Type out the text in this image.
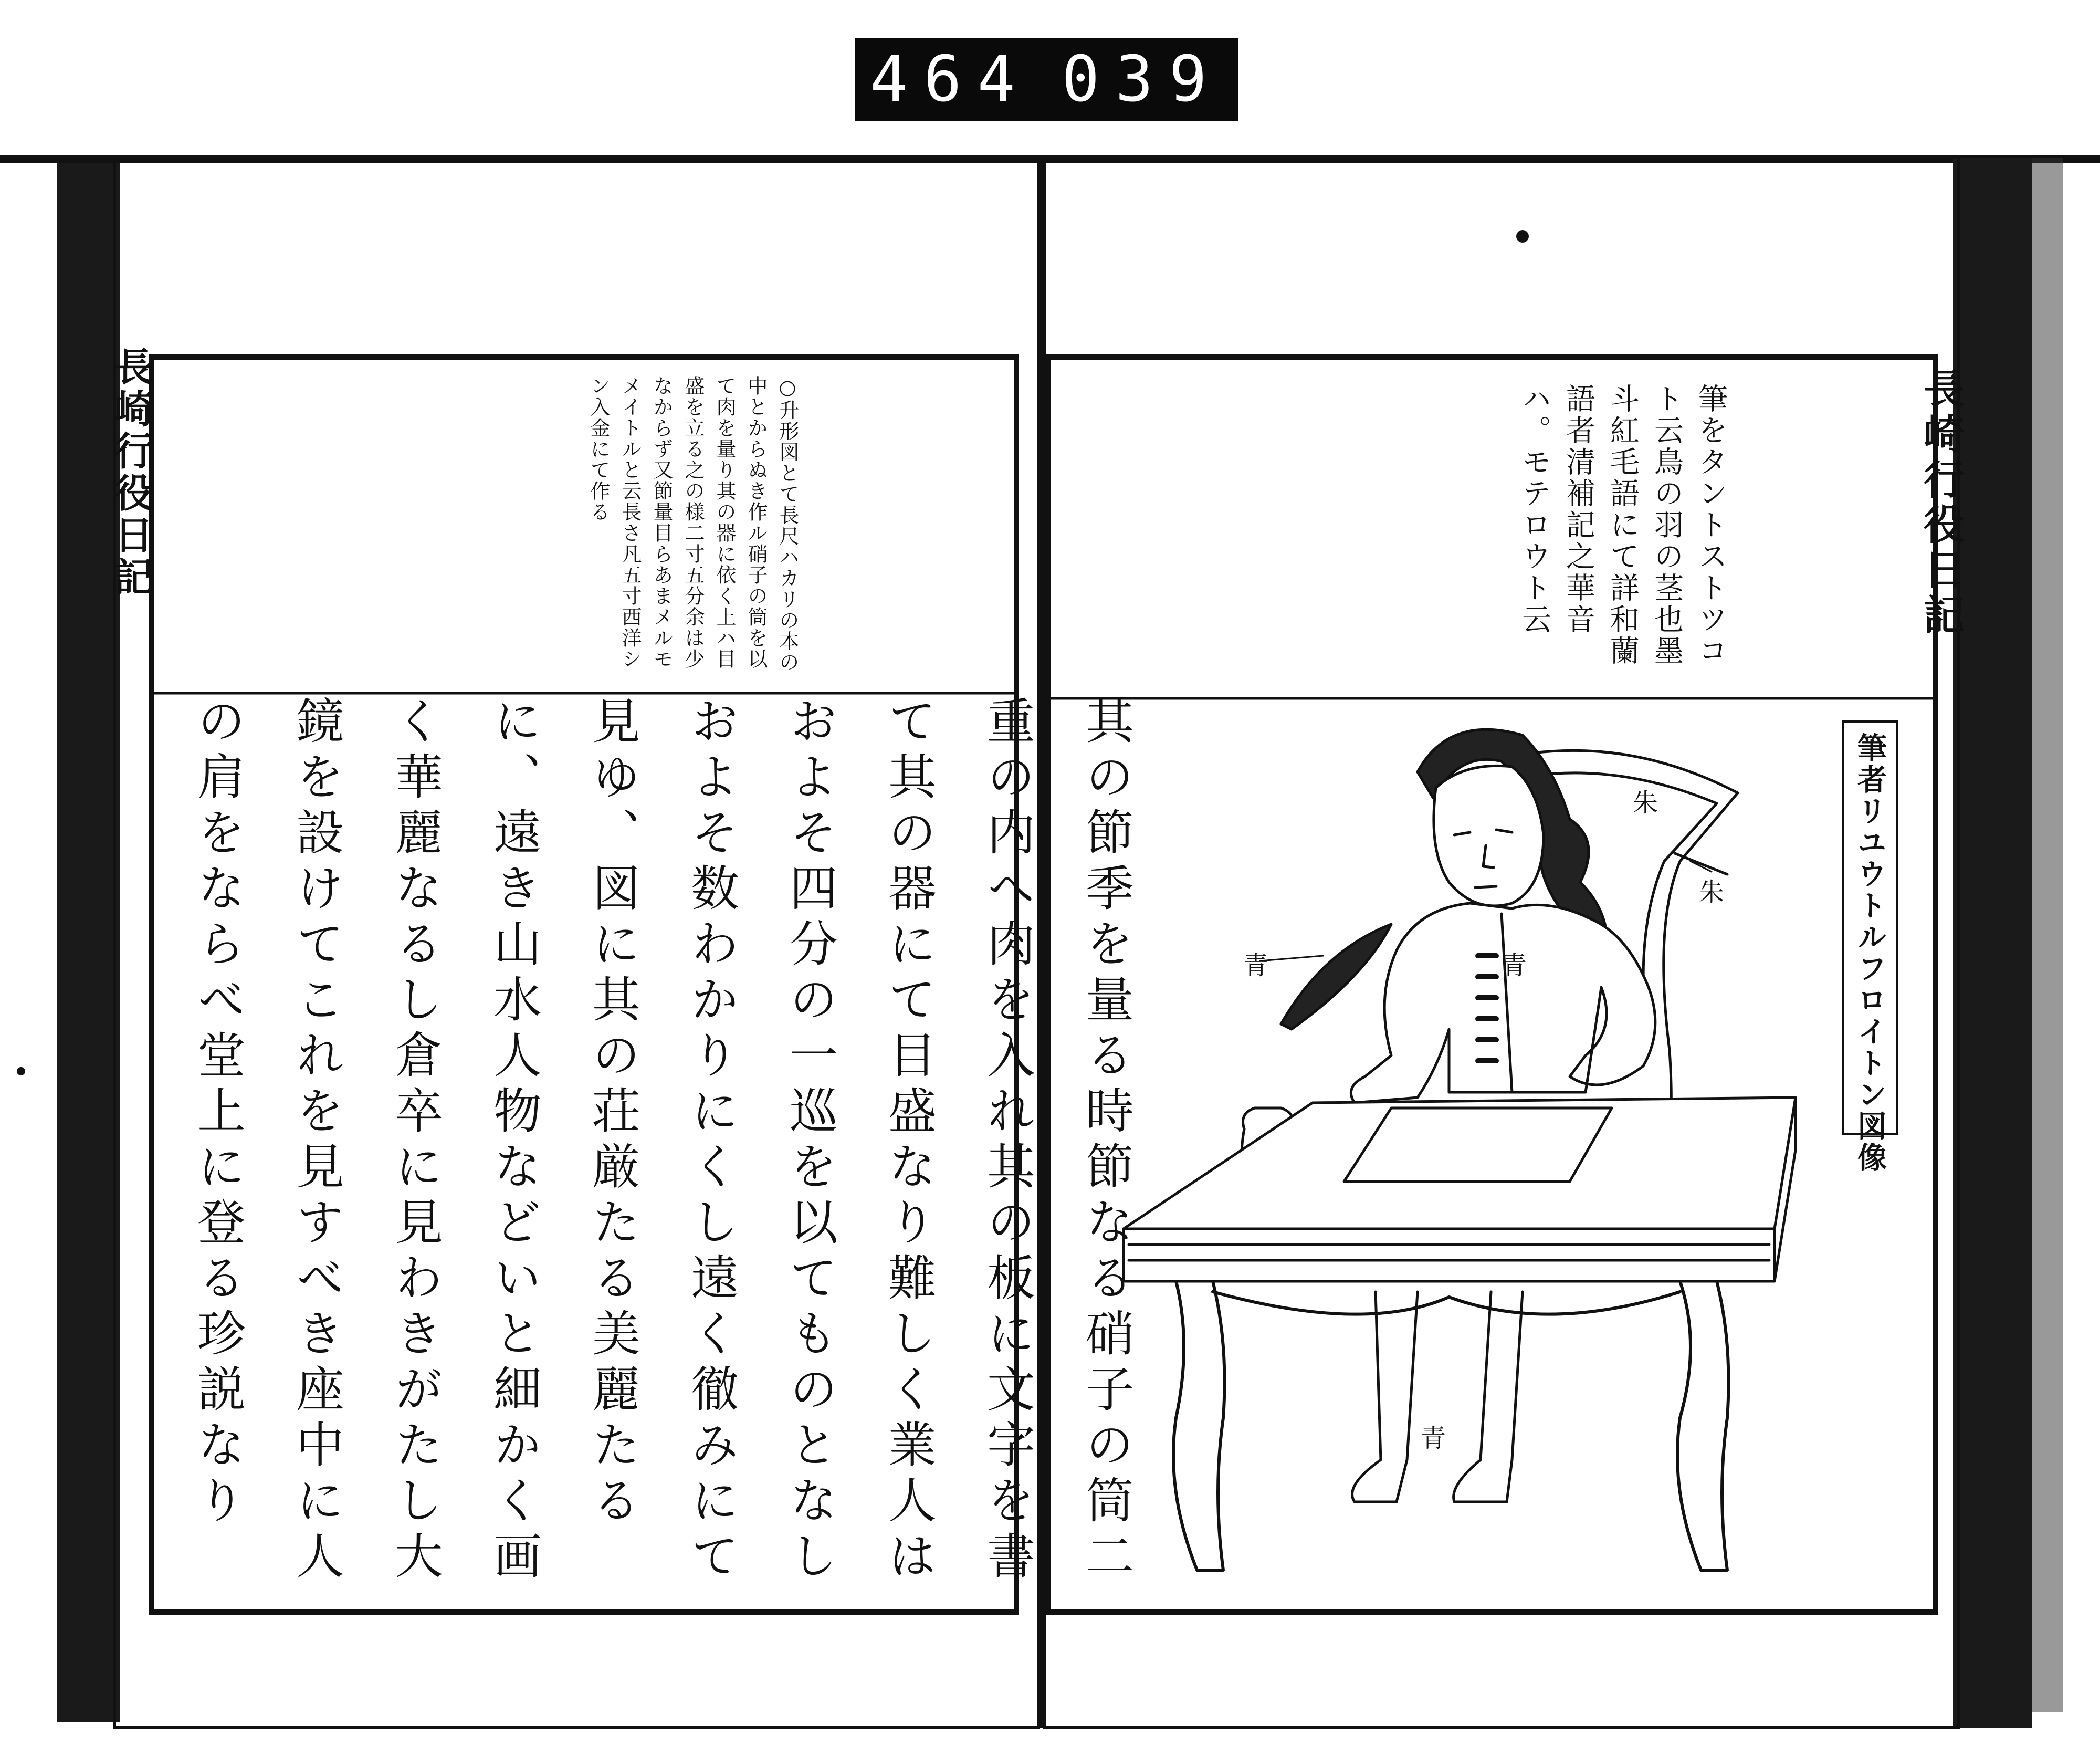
464 039
長崎行役日記	○升形図とて長尺ハカリの本の中とからぬき作ル硝子の筒を以て肉を量り其の器に依く上ハ目盛を立る之の様二寸五分余は少なからず又節量目らあまメルモメイトルと云長さ凡五寸西洋シン入金にて作る
其の節季を量る時節なる硝子の筒二重の内へ肉を入れ其の板に文字を書て其の器にて目盛なり難しく業人はおよそ四分の一巡を以てものとなしおよそ数わかりにくし遠く徹みにて見ゆ、図に其の荘厳たる美麗たるに、遠き山水人物などいと細かく画く華麗なるし倉卒に見わきがたし大鏡を設けてこれを見すべき座中に人の肩をならべ堂上に登る珍説なり
長崎行役日記
筆をタントストツコト云鳥の羽の茎也墨斗紅毛語にて詳和蘭語者清補記之華音ハ。モテロウト云
筆者リユウトルフロイトン図像
朱
朱
青	青
青
